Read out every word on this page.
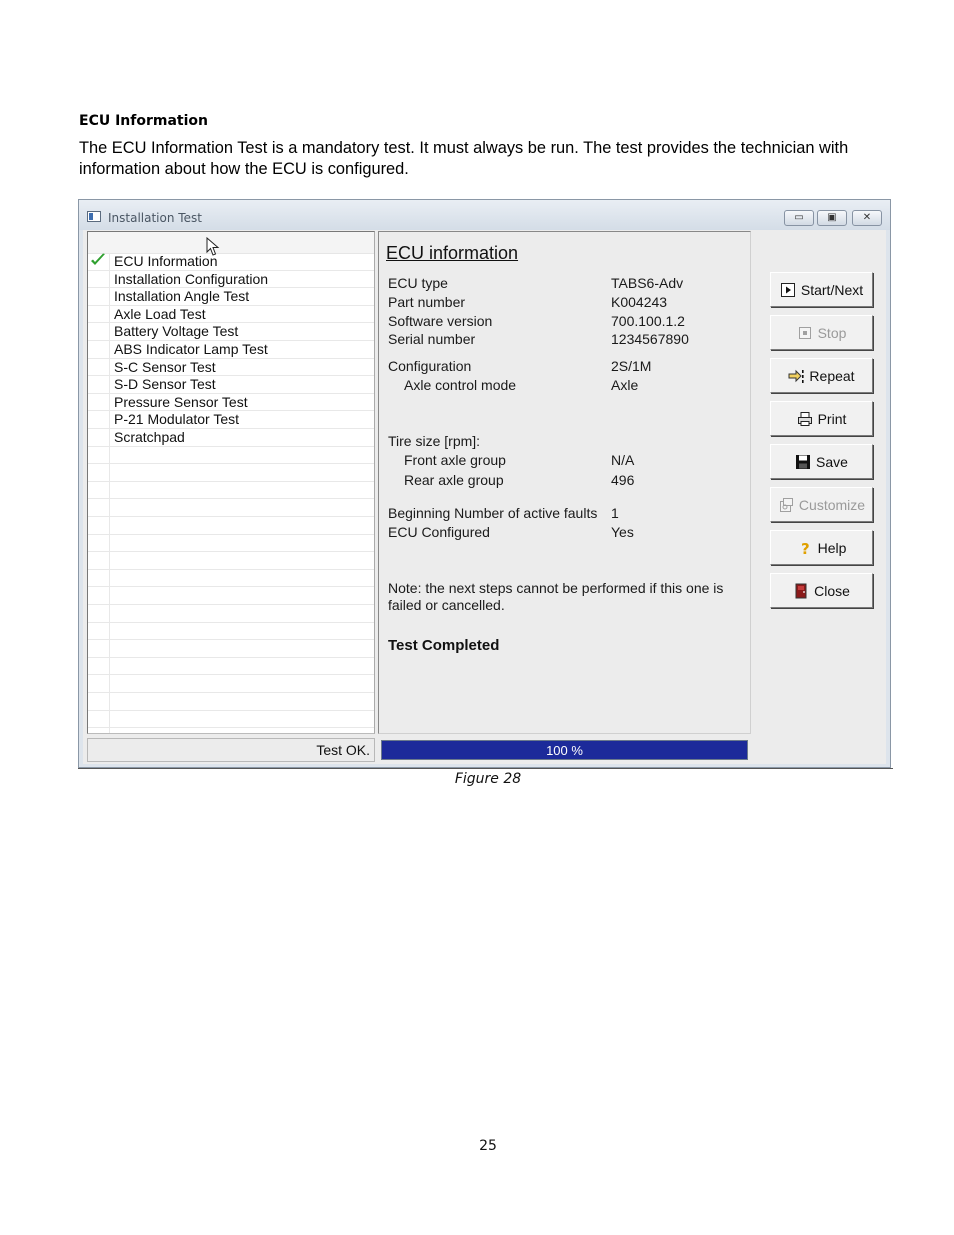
ECU Information
The ECU Information Test is a mandatory test. It must always be run. The test provides the technician with information about how the ECU is configured.
Installation Test	▭	▣	✕
ECU Information
Installation Configuration
Installation Angle Test
Axle Load Test
Battery Voltage Test
ABS Indicator Lamp Test
S-C Sensor Test
S-D Sensor Test
Pressure Sensor Test
P-21 Modulator Test
Scratchpad
Test OK.
ECU information
ECU type	TABS6-Adv
Part number	K004243
Software version	700.100.1.2
Serial number	1234567890
Configuration	2S/1M
Axle control mode	Axle
Tire size [rpm]:
Front axle group	N/A
Rear axle group	496
Beginning Number of active faults 1
ECU Configured	Yes
Note: the next steps cannot be performed if this one is failed or cancelled.
Test Completed
100 %
Start/Next
Stop
Repeat
Print
Save
Customize
? Help
Close
Figure 28
25
